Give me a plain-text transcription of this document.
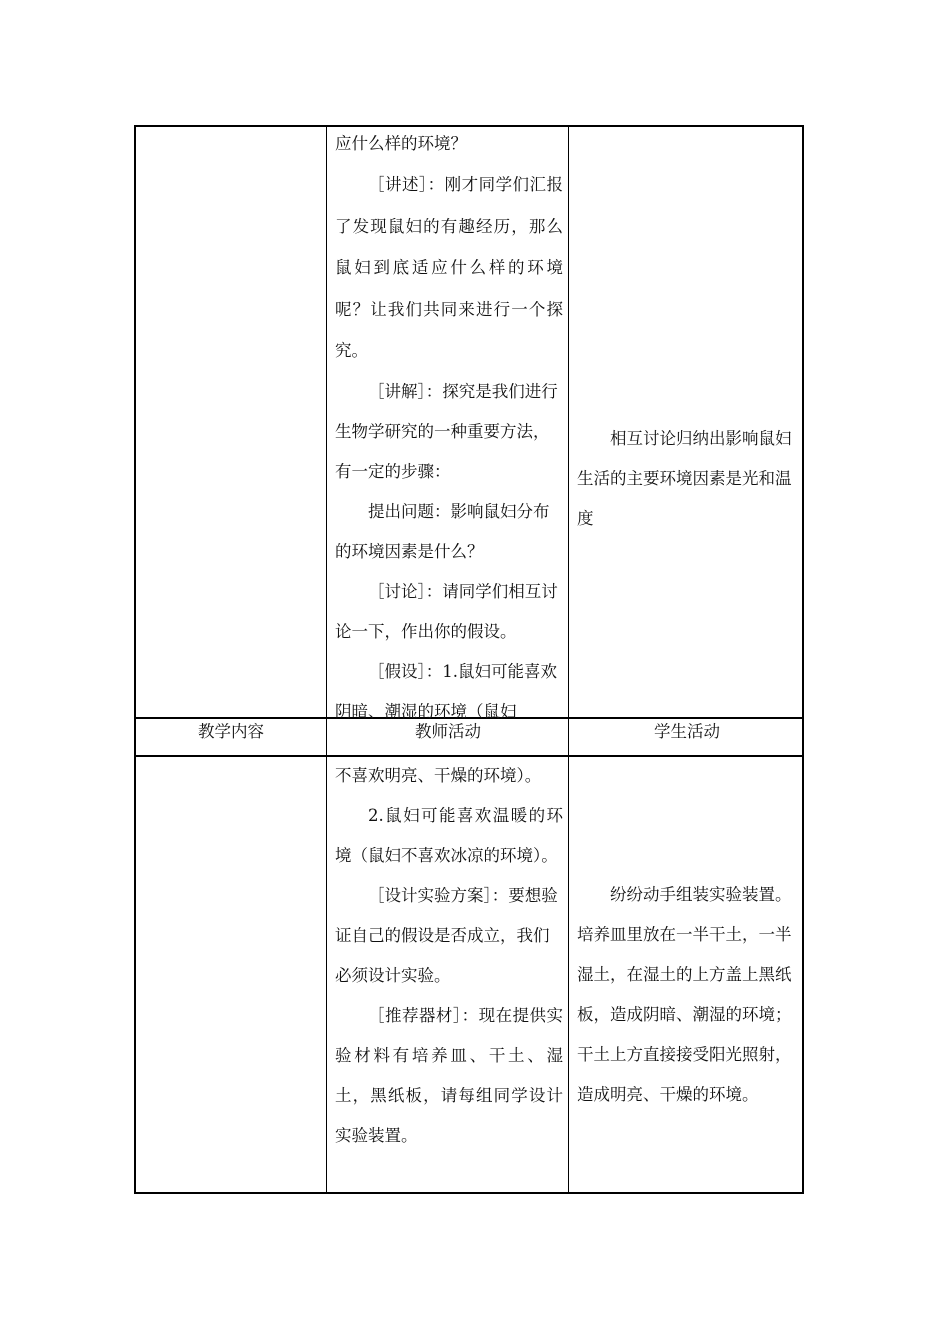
应什么样的环境？

［讲述］：刚才同学们汇报了发现鼠妇的有趣经历，那么鼠妇到底适应什么样的环境呢？让我们共同来进行一个探究。

［讲解］：探究是我们进行生物学研究的一种重要方法，有一定的步骤：

提出问题：影响鼠妇分布的环境因素是什么？

［讨论］：请同学们相互讨论一下，作出你的假设。

［假设］：1.鼠妇可能喜欢阴暗、潮湿的环境（鼠妇

相互讨论归纳出影响鼠妇生活的主要环境因素是光和温度

教学内容	教师活动	学生活动

不喜欢明亮、干燥的环境）。

2.鼠妇可能喜欢温暖的环境（鼠妇不喜欢冰凉的环境）。

［设计实验方案］：要想验证自己的假设是否成立，我们必须设计实验。

［推荐器材］：现在提供实验材料有培养皿、干土、湿土，黑纸板，请每组同学设计实验装置。

纷纷动手组装实验装置。培养皿里放在一半干土，一半湿土，在湿土的上方盖上黑纸板，造成阴暗、潮湿的环境；干土上方直接接受阳光照射，造成明亮、干燥的环境。
